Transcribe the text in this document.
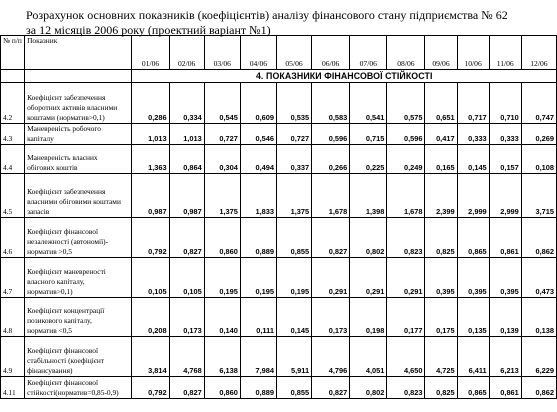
Розрахунок основних показників (коефіцієнтів) аналізу фінансового стану підприємства № 62
за 12 місяців 2006 року (проектний варіант №1)
№ п/п	Показник	01/06	02/06	03/06	04/06	05/06	06/06	07/06	08/06	09/06	10/06	11/06	12/06
		4. ПОКАЗНИКИ ФІНАНСОВОЇ СТІЙКОСТІ											
4.2	Коефіцієнт забезпечення
оборотних активів власними
коштами (норматив>0,1)	0,286	0,334	0,545	0,609	0,535	0,583	0,541	0,575	0,651	0,717	0,710	0,747
4.3	Маневреність робочого
капіталу	1,013	1,013	0,727	0,546	0,727	0,596	0,715	0,596	0,417	0,333	0,333	0,269
4.4	Маневреність власних
обігових коштів	1,363	0,864	0,304	0,494	0,337	0,266	0,225	0,249	0,165	0,145	0,157	0,108
4.5	Коефіцієнт забезпечення
власними обіговими коштами
запасів	0,987	0,987	1,375	1,833	1,375	1,678	1,398	1,678	2,399	2,999	2,999	3,715
4.6	Коефіцієнт фінансової
незалежності (автономії)-
норматив >0,5	0,792	0,827	0,860	0,889	0,855	0,827	0,802	0,823	0,825	0,865	0,861	0,862
4.7	Коефіцієнт маневреності
власного капіталу,
норматив>0,1)	0,105	0,105	0,195	0,195	0,195	0,291	0,291	0,291	0,395	0,395	0,395	0,473
4.8	Коефіцієнт концентрації
позикового капіталу,
норматив <0,5	0,208	0,173	0,140	0,111	0,145	0,173	0,198	0,177	0,175	0,135	0,139	0,138
4.9	Коефіцієнт фінансової
стабільності (коефіцієнт
фінансування)	3,814	4,768	6,138	7,984	5,911	4,796	4,051	4,650	4,725	6,411	6,213	6,229
4.11	Коефіцієнт фінансової
стійкості(норматив=0,85-0,9)	0,792	0,827	0,860	0,889	0,855	0,827	0,802	0,823	0,825	0,865	0,861	0,862
